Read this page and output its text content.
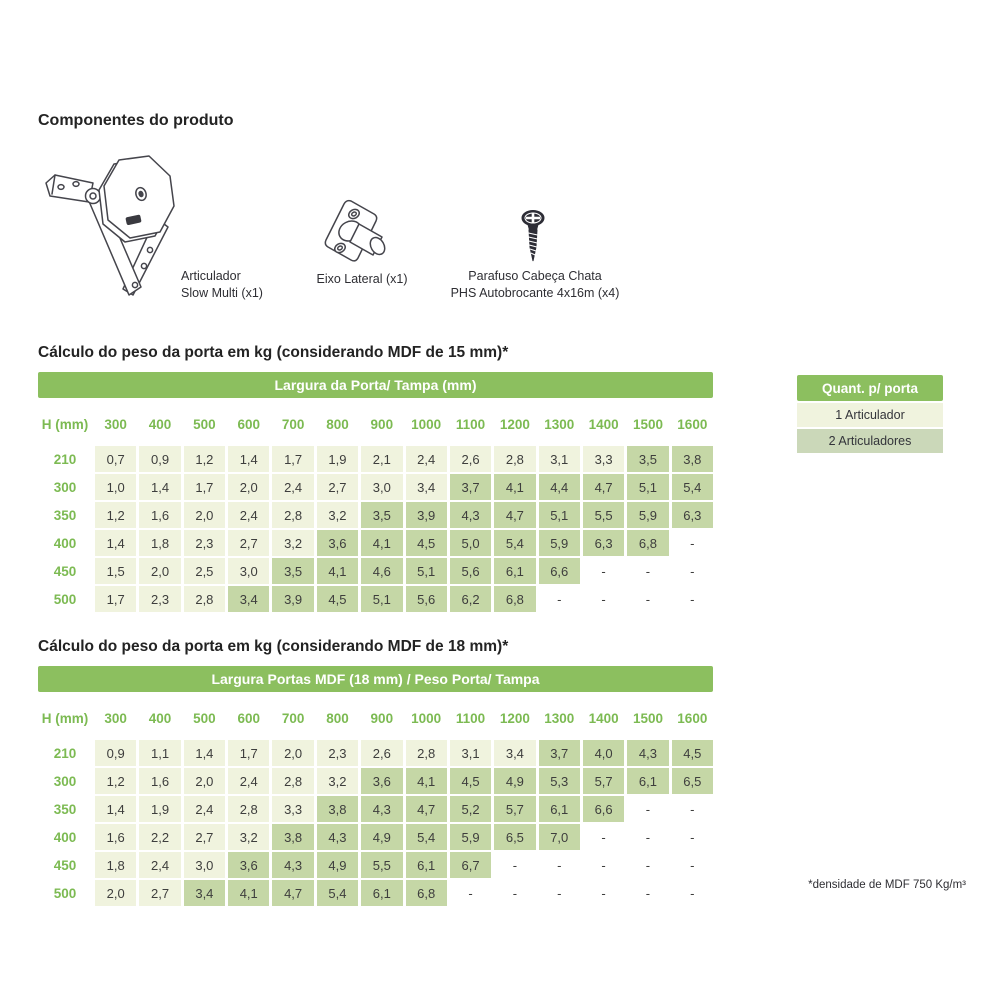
Componentes do produto
Articulador
Slow Multi (x1)
Eixo Lateral (x1)	Parafuso Cabeça Chata
PHS Autobrocante 4x16m (x4)
Cálculo do peso da porta em kg (considerando MDF de 15 mm)*
Largura da Porta/ Tampa (mm)
H (mm)	300	400	500	600	700	800	900	1000	1100	1200	1300	1400	1500	1600
210	0,7	0,9	1,2	1,4	1,7	1,9	2,1	2,4	2,6	2,8	3,1	3,3	3,5	3,8
300	1,0	1,4	1,7	2,0	2,4	2,7	3,0	3,4	3,7	4,1	4,4	4,7	5,1	5,4
350	1,2	1,6	2,0	2,4	2,8	3,2	3,5	3,9	4,3	4,7	5,1	5,5	5,9	6,3
400	1,4	1,8	2,3	2,7	3,2	3,6	4,1	4,5	5,0	5,4	5,9	6,3	6,8	-
450	1,5	2,0	2,5	3,0	3,5	4,1	4,6	5,1	5,6	6,1	6,6	-	-	-
500	1,7	2,3	2,8	3,4	3,9	4,5	5,1	5,6	6,2	6,8	-	-	-	-
Quant. p/ porta
1 Articulador
2 Articuladores
Cálculo do peso da porta em kg (considerando MDF de 18 mm)*
Largura Portas MDF (18 mm) / Peso Porta/ Tampa
H (mm)	300	400	500	600	700	800	900	1000	1100	1200	1300	1400	1500	1600
210	0,9	1,1	1,4	1,7	2,0	2,3	2,6	2,8	3,1	3,4	3,7	4,0	4,3	4,5
300	1,2	1,6	2,0	2,4	2,8	3,2	3,6	4,1	4,5	4,9	5,3	5,7	6,1	6,5
350	1,4	1,9	2,4	2,8	3,3	3,8	4,3	4,7	5,2	5,7	6,1	6,6	-	-
400	1,6	2,2	2,7	3,2	3,8	4,3	4,9	5,4	5,9	6,5	7,0	-	-	-
450	1,8	2,4	3,0	3,6	4,3	4,9	5,5	6,1	6,7	-	-	-	-	-
500	2,0	2,7	3,4	4,1	4,7	5,4	6,1	6,8	-	-	-	-	-	-
*densidade de MDF 750 Kg/m³
